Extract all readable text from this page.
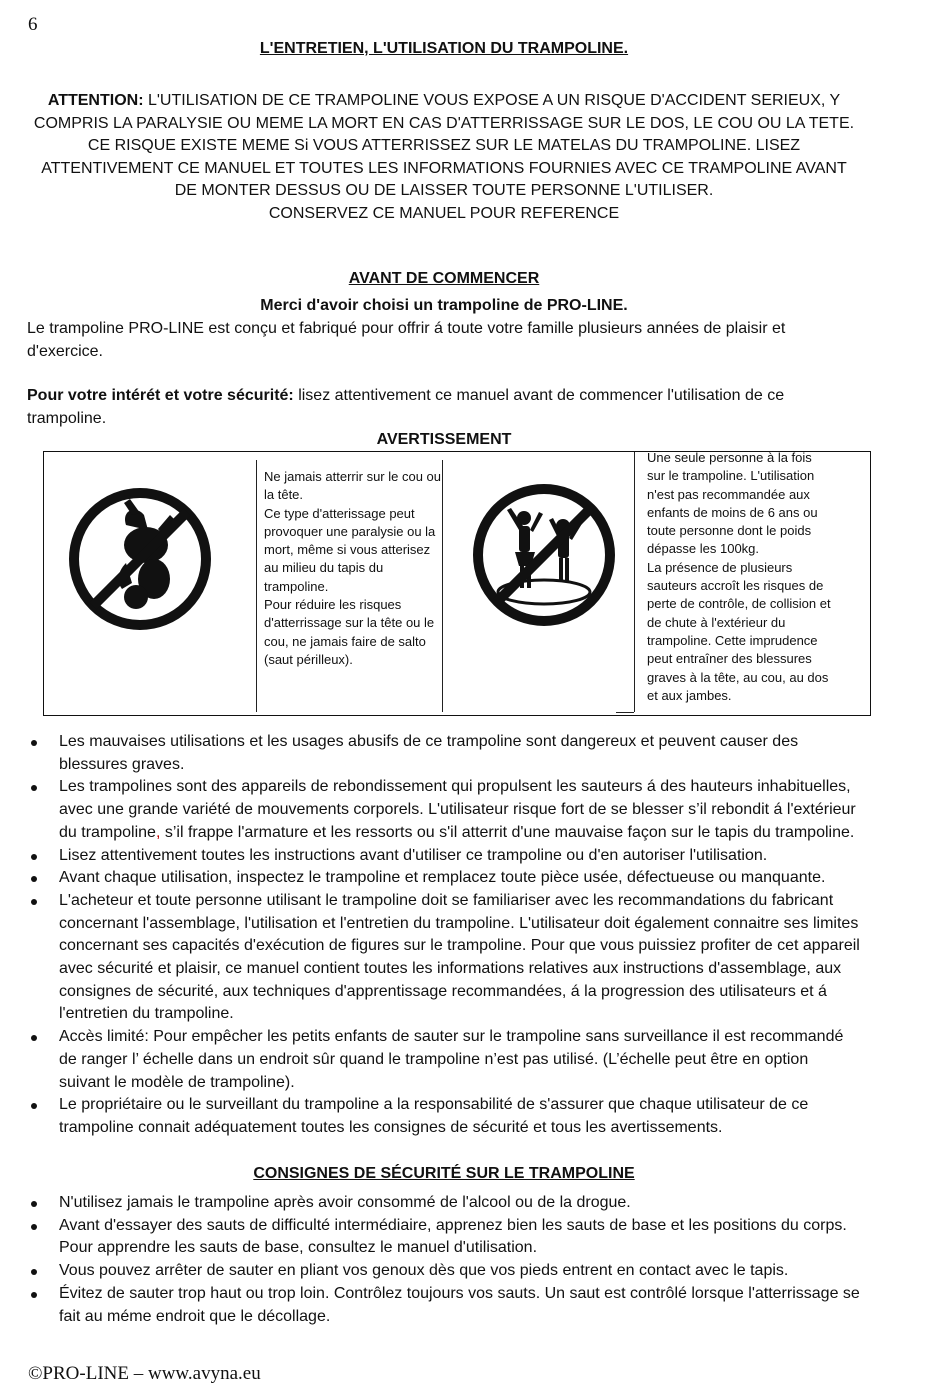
6
L'ENTRETIEN, L'UTILISATION DU TRAMPOLINE.
ATTENTION: L'UTILISATION DE CE TRAMPOLINE VOUS EXPOSE A UN RISQUE D'ACCIDENT SERIEUX, Y
COMPRIS LA PARALYSIE OU MEME LA MORT EN CAS D'ATTERRISSAGE SUR LE DOS, LE COU OU LA TETE.
CE RISQUE EXISTE MEME Si VOUS ATTERRISSEZ SUR LE MATELAS DU TRAMPOLINE. LISEZ
ATTENTIVEMENT CE MANUEL ET TOUTES LES INFORMATIONS FOURNIES AVEC CE TRAMPOLINE AVANT
DE MONTER DESSUS OU DE LAISSER TOUTE PERSONNE L'UTILISER.
CONSERVEZ CE MANUEL POUR REFERENCE
AVANT DE COMMENCER
Merci d'avoir choisi un trampoline de PRO-LINE.
Le trampoline PRO-LINE est conçu et fabriqué pour offrir á toute votre famille plusieurs années de plaisir et
d'exercice.
Pour votre intérét et votre sécurité: lisez attentivement ce manuel avant de commencer l'utilisation de ce
trampoline.
AVERTISSEMENT
Ne jamais atterrir sur le cou ou
la tête.
Ce type d'atterissage peut
provoquer une paralysie ou la
mort, même si vous atterisez
au milieu du tapis du
trampoline.
Pour réduire les risques
d'atterrissage sur la tête ou le
cou, ne jamais faire de salto
(saut périlleux).
Une seule personne à la fois
sur le trampoline. L'utilisation
n'est pas recommandée aux
enfants de moins de 6 ans ou
toute personne dont le poids
dépasse les 100kg.
La présence de plusieurs
sauteurs accroît les risques de
perte de contrôle, de collision et
de chute à l'extérieur du
trampoline. Cette imprudence
peut entraîner des blessures
graves à la tête, au cou, au dos
et aux jambes.
Les mauvaises utilisations et les usages abusifs de ce trampoline sont dangereux et peuvent causer des
blessures graves.
Les trampolines sont des appareils de rebondissement qui propulsent les sauteurs á des hauteurs inhabituelles,
avec une grande variété de mouvements corporels. L'utilisateur risque fort de se blesser s’il rebondit á l'extérieur
du trampoline, s’il frappe l'armature et les ressorts ou s'il atterrit d'une mauvaise façon sur le tapis du trampoline.
Lisez attentivement toutes les instructions avant d'utiliser ce trampoline ou d'en autoriser l'utilisation.
Avant chaque utilisation, inspectez le trampoline et remplacez toute pièce usée, défectueuse ou manquante.
L'acheteur et toute personne utilisant le trampoline doit se familiariser avec les recommandations du fabricant
concernant l'assemblage, l'utilisation et l'entretien du trampoline. L'utilisateur doit également connaitre ses limites
concernant ses capacités d'exécution de figures sur le trampoline. Pour que vous puissiez profiter de cet appareil
avec sécurité et plaisir, ce manuel contient toutes les informations relatives aux instructions d'assemblage, aux
consignes de sécurité, aux techniques d'apprentissage recommandées, á la progression des utilisateurs et á
l'entretien du trampoline.
Accès limité: Pour empêcher les petits enfants de sauter sur le trampoline sans surveillance il est recommandé
de ranger l’ échelle dans un endroit sûr quand le trampoline n’est pas utilisé. (L’échelle peut être en option
suivant le modèle de trampoline).
Le propriétaire ou le surveillant du trampoline a la responsabilité de s'assurer que chaque utilisateur de ce
trampoline connait adéquatement toutes les consignes de sécurité et tous les avertissements.
CONSIGNES DE SÉCURITÉ SUR LE TRAMPOLINE
N'utilisez jamais le trampoline après avoir consommé de l'alcool ou de la drogue.
Avant d'essayer des sauts de difficulté intermédiaire, apprenez bien les sauts de base et les positions du corps.
Pour apprendre les sauts de base, consultez le manuel d'utilisation.
Vous pouvez arrêter de sauter en pliant vos genoux dès que vos pieds entrent en contact avec le tapis.
Évitez de sauter trop haut ou trop loin. Contrôlez toujours vos sauts. Un saut est contrôlé lorsque l'atterrissage se
fait au méme endroit que le décollage.
©PRO-LINE – www.avyna.eu
